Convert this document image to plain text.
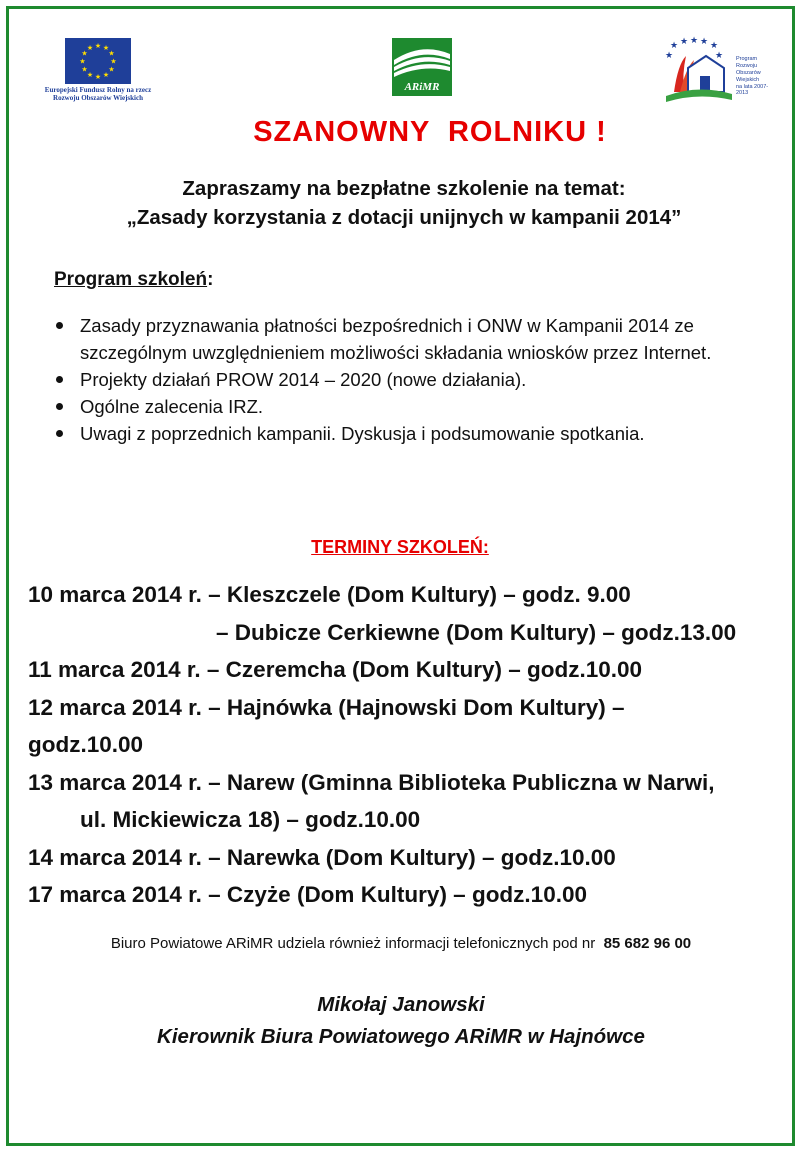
★ ★
★
★
★
★
★
★
★
★
★
★
Europejski Fundusz Rolny na rzecz
Rozwoju Obszarów Wiejskich
ARiMR
★ ★ ★ ★ ★
★	★ Program
Rozwoju
Obszarów
Wiejskich
na lata 2007-2013
SZANOWNY  ROLNIKU !
Zapraszamy na bezpłatne szkolenie na temat:
„Zasady korzystania z dotacji unijnych w kampanii 2014”
Program szkoleń:
Zasady przyznawania płatności bezpośrednich i ONW w Kampanii 2014 ze szczególnym uwzględnieniem możliwości składania wniosków przez Internet.
Projekty działań PROW 2014 – 2020 (nowe działania).
Ogólne zalecenia IRZ.
Uwagi z poprzednich kampanii. Dyskusja i podsumowanie spotkania.
TERMINY SZKOLEŃ:
10 marca 2014 r. – Kleszczele (Dom Kultury) – godz. 9.00
– Dubicze Cerkiewne (Dom Kultury) – godz.13.00
11 marca 2014 r. – Czeremcha (Dom Kultury) – godz.10.00
12 marca 2014 r. – Hajnówka (Hajnowski Dom Kultury) –
godz.10.00
13 marca 2014 r. – Narew (Gminna Biblioteka Publiczna w Narwi,
ul. Mickiewicza 18) – godz.10.00
14 marca 2014 r. – Narewka (Dom Kultury) – godz.10.00
17 marca 2014 r. – Czyże (Dom Kultury) – godz.10.00
Biuro Powiatowe ARiMR udziela również informacji telefonicznych pod nr 85 682 96 00
Mikołaj Janowski
Kierownik Biura Powiatowego ARiMR w Hajnówce
